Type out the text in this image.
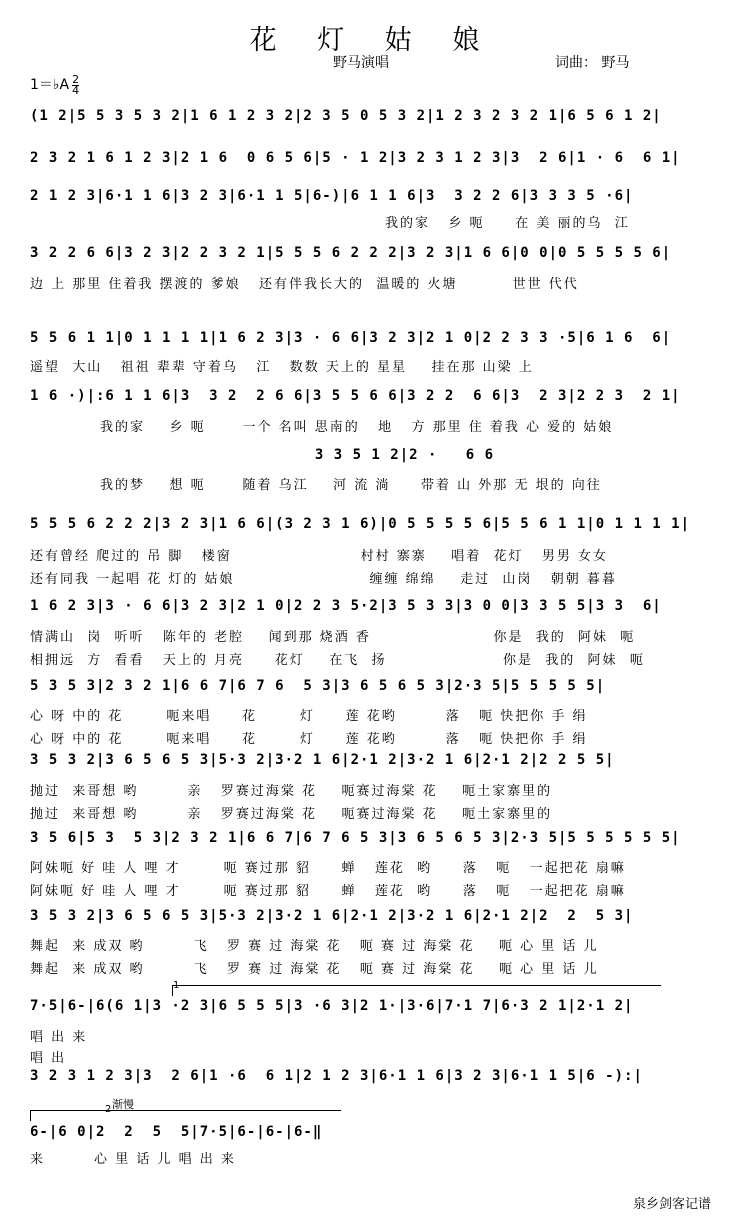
花 灯 姑 娘
野马演唱	词曲： 野马
1＝♭A $\frac{2}{4}$
(1 2|5 5 3 5 3 2|1 6 1 2 3 2|2 3 5 0 5 3 2|1 2 3 2 3 2 1|6 5 6 1 2|
2 3 2 1 6 1 2 3|2 1 6  0 6 5 6|5 · 1 2|3 2 3 1 2 3|3  2 6|1 · 6  6 1|
2 1 2 3|6·1 1 6|3 2 3|6·1 1 5|6-)|6 1 1 6|3  3 2 2 6|3 3 3 5 ·6|
我的家   乡 呃     在 美 丽的乌  江
3 2 2 6 6|3 2 3|2 2 3 2 1|5 5 5 6 2 2 2|3 2 3|1 6 6|0 0|0 5 5 5 5 6|
边 上 那里 住着我 摆渡的 爹娘   还有伴我长大的  温暖的 火塘         世世 代代
5 5 6 1 1|0 1 1 1 1|1 6 2 3|3 · 6 6|3 2 3|2 1 0|2 2 3 3 ·5|6 1 6  6|
遥望  大山   祖祖 辈辈 守着乌   江   数数 天上的 星星    挂在那 山梁 上
1 6 ·)|:6 1 1 6|3  3 2  2 6 6|3 5 5 6 6|3 2 2  6 6|3  2 3|2 2 3  2 1|
我的家    乡 呃      一个 名叫 思南的   地   方 那里 住 着我 心 爱的 姑娘
3 3 5 1 2|2 ·   6 6
我的梦    想 呃      随着 乌江    河 流 淌     带着 山 外那 无 垠的 向往
5 5 5 6 2 2 2|3 2 3|1 6 6|(3 2 3 1 6)|0 5 5 5 5 6|5 5 6 1 1|0 1 1 1 1|
还有曾经 爬过的 吊 脚   楼窗                     村村 寨寨    唱着  花灯   男男 女女
还有同我 一起唱 花 灯的 姑娘                      缠缠 绵绵    走过  山岗   朝朝 暮暮
1 6 2 3|3 · 6 6|3 2 3|2 1 0|2 2 3 5·2|3 5 3 3|3 0 0|3 3 5 5|3 3  6|
情满山  岗  听听   陈年的 老腔    闻到那 烧酒 香                    你是  我的  阿妹  呃
相拥远  方  看看   天上的 月亮     花灯    在飞  扬                   你是  我的  阿妹  呃
5 3 5 3|2 3 2 1|6 6 7|6 7 6  5 3|3 6 5 6 5 3|2·3 5|5 5 5 5 5|
心 呀 中的 花       呃来唱     花       灯     莲 花哟        落   呃 快把你 手 绢
心 呀 中的 花       呃来唱     花       灯     莲 花哟        落   呃 快把你 手 绢
3 5 3 2|3 6 5 6 5 3|5·3 2|3·2 1 6|2·1 2|3·2 1 6|2·1 2|2 2 5 5|
抛过  来哥想 哟        亲   罗赛过海棠 花    呃赛过海棠 花    呃土家寨里的
抛过  来哥想 哟        亲   罗赛过海棠 花    呃赛过海棠 花    呃土家寨里的
3 5 6|5 3  5 3|2 3 2 1|6 6 7|6 7 6 5 3|3 6 5 6 5 3|2·3 5|5 5 5 5 5 5|
阿妹呃 好 哇 人 哩 才       呃 赛过那 貂     蝉   莲花  哟     落   呃   一起把花 扇嘛
阿妹呃 好 哇 人 哩 才       呃 赛过那 貂     蝉   莲花  哟     落   呃   一起把花 扇嘛
3 5 3 2|3 6 5 6 5 3|5·3 2|3·2 1 6|2·1 2|3·2 1 6|2·1 2|2  2  5 3|
舞起  来 成双 哟        飞   罗 赛 过 海棠 花   呃 赛 过 海棠 花    呃 心 里 话 儿
舞起  来 成双 哟        飞   罗 赛 过 海棠 花   呃 赛 过 海棠 花    呃 心 里 话 儿
1
7·5|6-|6(6 1|3 ·2 3|6 5 5 5|3 ·6 3|2 1·|3·6|7·1 7|6·3 2 1|2·1 2|
唱 出 来
唱 出
3 2 3 1 2 3|3  2 6|1 ·6  6 1|2 1 2 3|6·1 1 6|3 2 3|6·1 1 5|6 -):|
2 渐慢
6-|6 0|2  2  5  5|7·5|6-|6-|6-‖
来        心 里 话 儿 唱 出 来
泉乡剑客记谱
